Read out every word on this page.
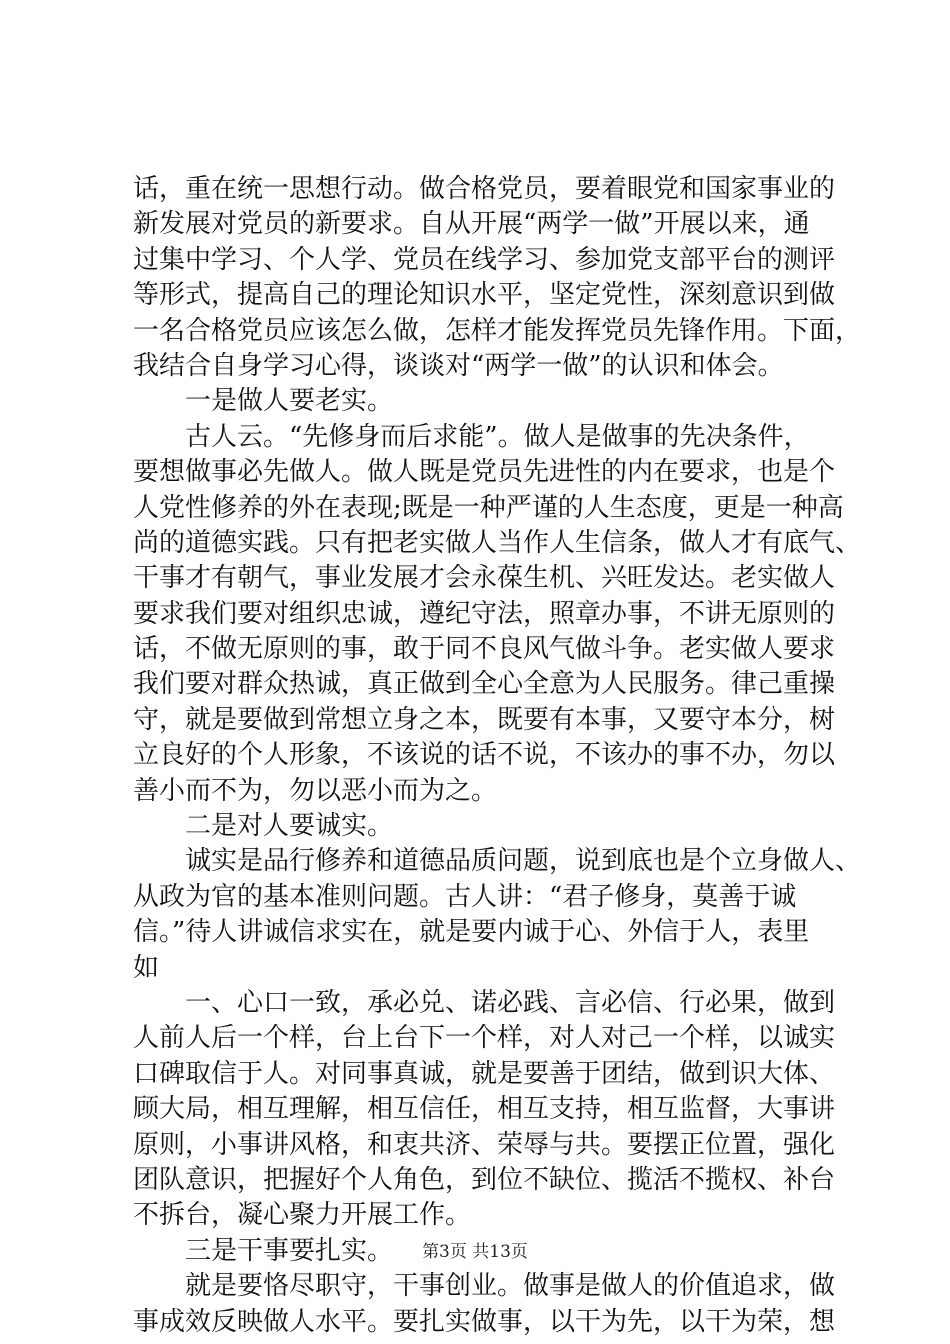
话，重在统一思想行动。做合格党员，要着眼党和国家事业的
新发展对党员的新要求。自从开展“两学一做”开展以来，通
过集中学习、个人学、党员在线学习、参加党支部平台的测评
等形式，提高自己的理论知识水平，坚定党性，深刻意识到做
一名合格党员应该怎么做，怎样才能发挥党员先锋作用。下面，
我结合自身学习心得，谈谈对“两学一做”的认识和体会。
　　一是做人要老实。
　　古人云。“先修身而后求能”。做人是做事的先决条件，
要想做事必先做人。做人既是党员先进性的内在要求，也是个
人党性修养的外在表现;既是一种严谨的人生态度，更是一种高
尚的道德实践。只有把老实做人当作人生信条，做人才有底气、
干事才有朝气，事业发展才会永葆生机、兴旺发达。老实做人
要求我们要对组织忠诚，遵纪守法，照章办事，不讲无原则的
话，不做无原则的事，敢于同不良风气做斗争。老实做人要求
我们要对群众热诚，真正做到全心全意为人民服务。律己重操
守，就是要做到常想立身之本，既要有本事，又要守本分，树
立良好的个人形象，不该说的话不说，不该办的事不办，勿以
善小而不为，勿以恶小而为之。
　　二是对人要诚实。
　　诚实是品行修养和道德品质问题，说到底也是个立身做人、
从政为官的基本准则问题。古人讲：“君子修身，莫善于诚
信。”待人讲诚信求实在，就是要内诚于心、外信于人，表里
如
　　一、心口一致，承必兑、诺必践、言必信、行必果，做到
人前人后一个样，台上台下一个样，对人对己一个样，以诚实
口碑取信于人。对同事真诚，就是要善于团结，做到识大体、
顾大局，相互理解，相互信任，相互支持，相互监督，大事讲
原则，小事讲风格，和衷共济、荣辱与共。要摆正位置，强化
团队意识，把握好个人角色，到位不缺位、揽活不揽权、补台
不拆台，凝心聚力开展工作。
　　三是干事要扎实。
　　就是要恪尽职守，干事创业。做事是做人的价值追求，做
事成效反映做人水平。要扎实做事，以干为先，以干为荣，想
第3页 共13页
